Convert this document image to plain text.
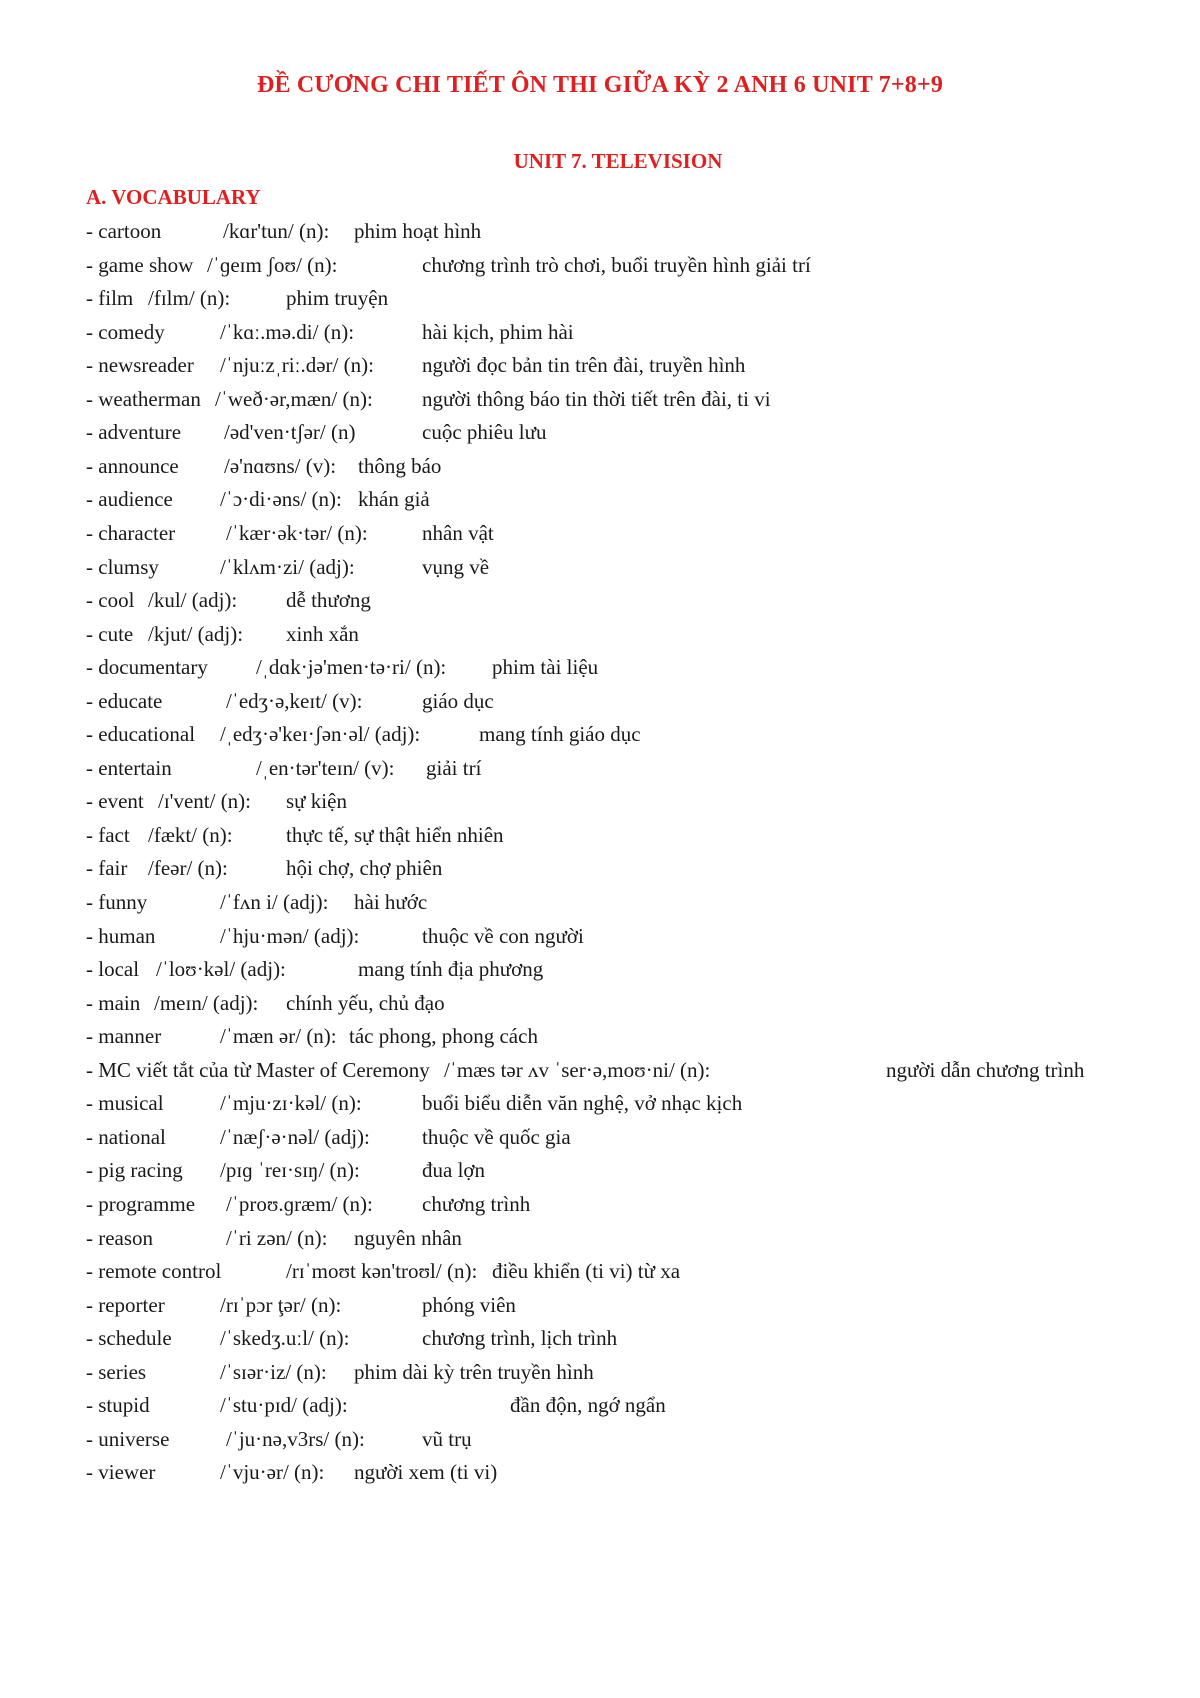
ĐỀ CƯƠNG CHI TIẾT ÔN THI GIỮA KỲ 2 ANH 6 UNIT 7+8+9
UNIT 7. TELEVISION
A. VOCABULARY
- cartoon	/kɑr'tun/ (n): phim hoạt hình
- game show /ˈɡeɪm ʃoʊ/ (n):	chương trình trò chơi, buổi truyền hình giải trí
- film /fɪlm/ (n):	phim truyện
- comedy	/ˈkɑː.mə.di/ (n):	hài kịch, phim hài
- newsreader /ˈnjuːzˌriː.dər/ (n): người đọc bản tin trên đài, truyền hình
- weatherman /ˈweð·ər,mæn/ (n): người thông báo tin thời tiết trên đài, ti vi
- adventure /əd'ven·tʃər/ (n)	cuộc phiêu lưu
- announce /ə'nɑʊns/ (v): thông báo
- audience /ˈɔ·di·əns/ (n): khán giả
- character /ˈkær·ək·tər/ (n):	nhân vật
- clumsy	/ˈklʌm·zi/ (adj):	vụng về
- cool /kul/ (adj): dễ thương
- cute /kjut/ (adj): xinh xắn
- documentary /ˌdɑk·jə'men·tə·ri/ (n): phim tài liệu
- educate	/ˈedʒ·ə,keɪt/ (v):	giáo dục
- educational /ˌedʒ·ə'keɪ·ʃən·əl/ (adj):	mang tính giáo dục
- entertain	/ˌen·tər'teɪn/ (v): giải trí
- event /ɪ'vent/ (n): sự kiện
- fact /fækt/ (n):	thực tế, sự thật hiển nhiên
- fair /feər/ (n):	hội chợ, chợ phiên
- funny	/ˈfʌn i/ (adj): hài hước
- human	/ˈhju·mən/ (adj):	thuộc về con người
- local /ˈloʊ·kəl/ (adj):	mang tính địa phương
- main /meɪn/ (adj): chính yếu, chủ đạo
- manner	/ˈmæn ər/ (n): tác phong, phong cách
- MC viết tắt của từ Master of Ceremony /ˈmæs tər ʌv ˈser·ə,moʊ·ni/ (n):	người dẫn chương trình
- musical	/ˈmju·zɪ·kəl/ (n):	buổi biểu diễn văn nghệ, vở nhạc kịch
- national	/ˈnæʃ·ə·nəl/ (adj): thuộc về quốc gia
- pig racing /pɪɡ ˈreɪ·sɪŋ/ (n):	đua lợn
- programme /ˈproʊ.ɡræm/ (n): chương trình
- reason	/ˈri zən/ (n): nguyên nhân
- remote control	/rɪˈmoʊt kən'troʊl/ (n): điều khiển (ti vi) từ xa
- reporter	/rɪˈpɔr ţər/ (n):	phóng viên
- schedule /ˈskedʒ.uːl/ (n):	chương trình, lịch trình
- series	/ˈsɪər·iz/ (n): phim dài kỳ trên truyền hình
- stupid	/ˈstu·pɪd/ (adj):	đần độn, ngớ ngẩn
- universe	/ˈju·nə,v3rs/ (n):	vũ trụ
- viewer	/ˈvju·ər/ (n): người xem (ti vi)
